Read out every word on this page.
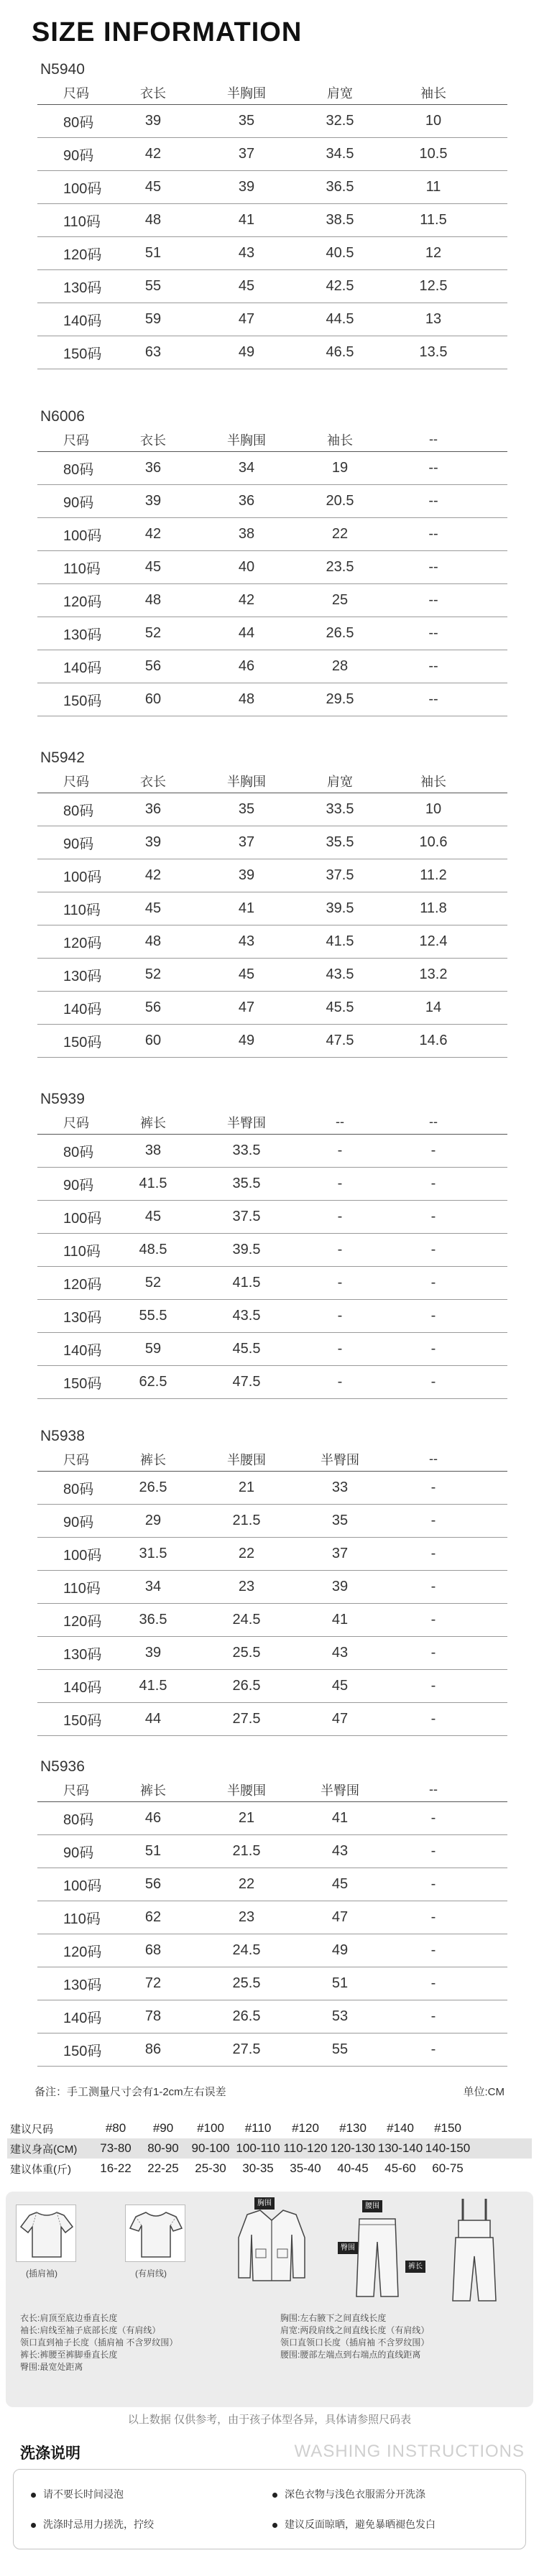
SIZE INFORMATION
N5940
尺码	衣长	半胸围	肩宽	袖长
80码	39	35	32.5	10
90码	42	37	34.5	10.5
100码	45	39	36.5	11
110码	48	41	38.5	11.5
120码	51	43	40.5	12
130码	55	45	42.5	12.5
140码	59	47	44.5	13
150码	63	49	46.5	13.5
N6006
尺码	衣长	半胸围	袖长	--
80码	36	34	19	--
90码	39	36	20.5	--
100码	42	38	22	--
110码	45	40	23.5	--
120码	48	42	25	--
130码	52	44	26.5	--
140码	56	46	28	--
150码	60	48	29.5	--
N5942
尺码	衣长	半胸围	肩宽	袖长
80码	36	35	33.5	10
90码	39	37	35.5	10.6
100码	42	39	37.5	11.2
110码	45	41	39.5	11.8
120码	48	43	41.5	12.4
130码	52	45	43.5	13.2
140码	56	47	45.5	14
150码	60	49	47.5	14.6
N5939
尺码	裤长	半臀围	--	--
80码	38	33.5	-	-
90码	41.5	35.5	-	-
100码	45	37.5	-	-
110码	48.5	39.5	-	-
120码	52	41.5	-	-
130码	55.5	43.5	-	-
140码	59	45.5	-	-
150码	62.5	47.5	-	-
N5938
尺码	裤长	半腰围	半臀围	--
80码	26.5	21	33	-
90码	29	21.5	35	-
100码	31.5	22	37	-
110码	34	23	39	-
120码	36.5	24.5	41	-
130码	39	25.5	43	-
140码	41.5	26.5	45	-
150码	44	27.5	47	-
N5936
尺码	裤长	半腰围	半臀围	--
80码	46	21	41	-
90码	51	21.5	43	-
100码	56	22	45	-
110码	62	23	47	-
120码	68	24.5	49	-
130码	72	25.5	51	-
140码	78	26.5	53	-
150码	86	27.5	55	-
备注：手工测量尺寸会有1-2cm左右误差	单位:CM
建议尺码	#80	#90	#100	#110	#120	#130	#140	#150
建议身高(CM)	73-80	80-90	90-100 100-110 110-120 120-130 130-140 140-150
建议体重(斤)	16-22	22-25	25-30	30-35	35-40	40-45	45-60	60-75
(插肩袖)	(有肩线)
胸围	腰围
臀围
裤长
衣长:肩顶至底边垂直长度
袖长:肩线至袖子底部长度（有肩线）
领口直到袖子长度（插肩袖 不含罗纹围）
裤长:裤腰至裤脚垂直长度
臀围:最宽处距离
胸围:左右腋下之间直线长度
肩宽:两段肩线之间直线长度（有肩线）
领口直领口长度（插肩袖 不含罗纹围）
腰围:腰部左端点到右端点的直线距离
以上数据 仅供参考，由于孩子体型各异，具体请参照尺码表
洗涤说明	WASHING INSTRUCTIONS
请不要长时间浸泡
洗涤时忌用力搓洗，拧绞
深色衣物与浅色衣服需分开洗涤
建议反面晾晒，避免暴晒褪色发白
